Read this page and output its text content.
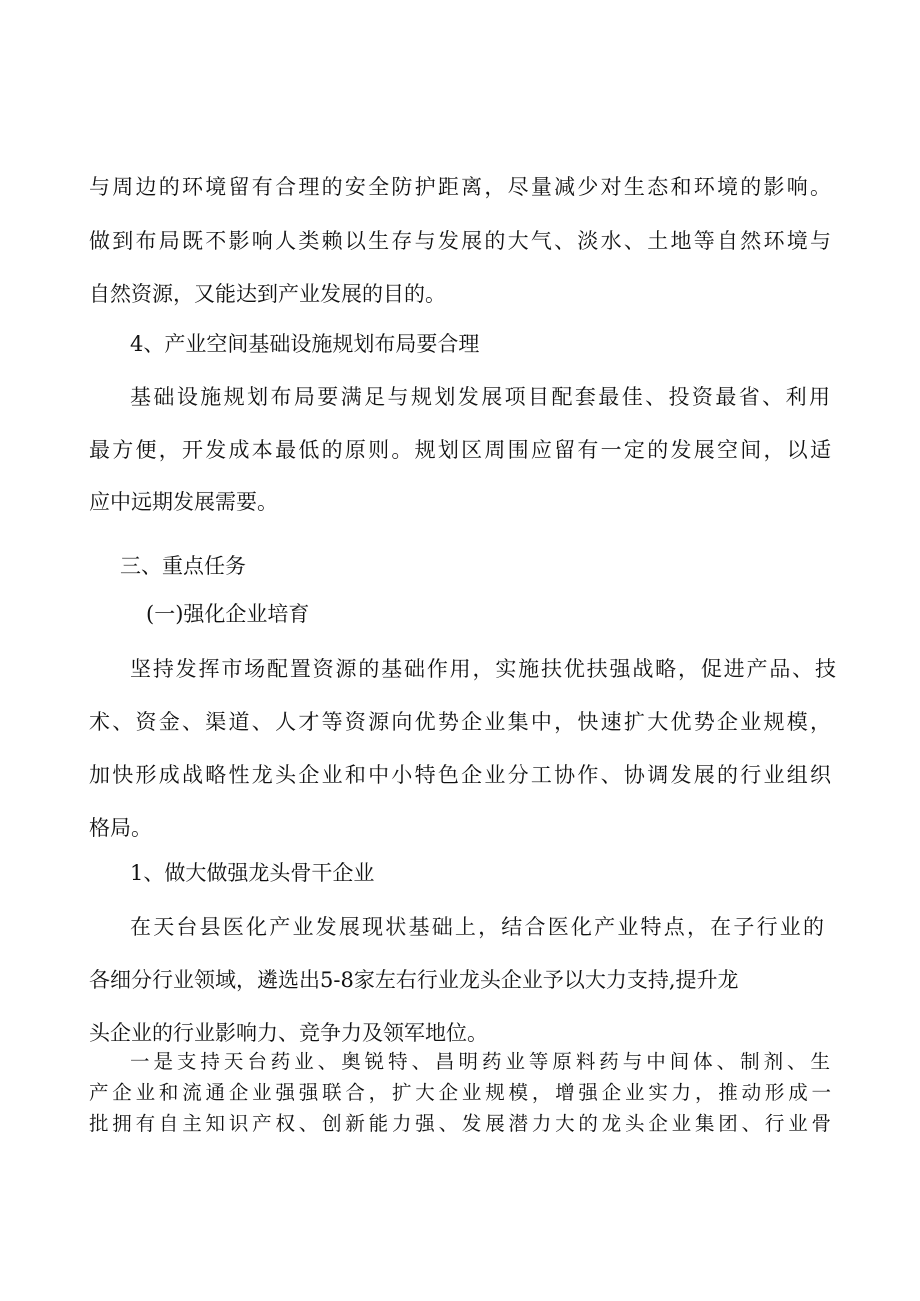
与周边的环境留有合理的安全防护距离，尽量减少对生态和环境的影响。
做到布局既不影响人类赖以生存与发展的大气、淡水、土地等自然环境与
自然资源，又能达到产业发展的目的。
4、产业空间基础设施规划布局要合理
基础设施规划布局要满足与规划发展项目配套最佳、投资最省、利用
最方便，开发成本最低的原则。规划区周围应留有一定的发展空间，以适
应中远期发展需要。
三、重点任务
(一)强化企业培育
坚持发挥市场配置资源的基础作用，实施扶优扶强战略，促进产品、技
术、资金、渠道、人才等资源向优势企业集中，快速扩大优势企业规模，
加快形成战略性龙头企业和中小特色企业分工协作、协调发展的行业组织
格局。
1、做大做强龙头骨干企业
在天台县医化产业发展现状基础上，结合医化产业特点，在子行业的
各细分行业领域，遴选出5-8家左右行业龙头企业予以大力支持,提升龙
头企业的行业影响力、竞争力及领军地位。
一是支持天台药业、奥锐特、昌明药业等原料药与中间体、制剂、生
产企业和流通企业强强联合，扩大企业规模，增强企业实力，推动形成一
批拥有自主知识产权、创新能力强、发展潜力大的龙头企业集团、行业骨
